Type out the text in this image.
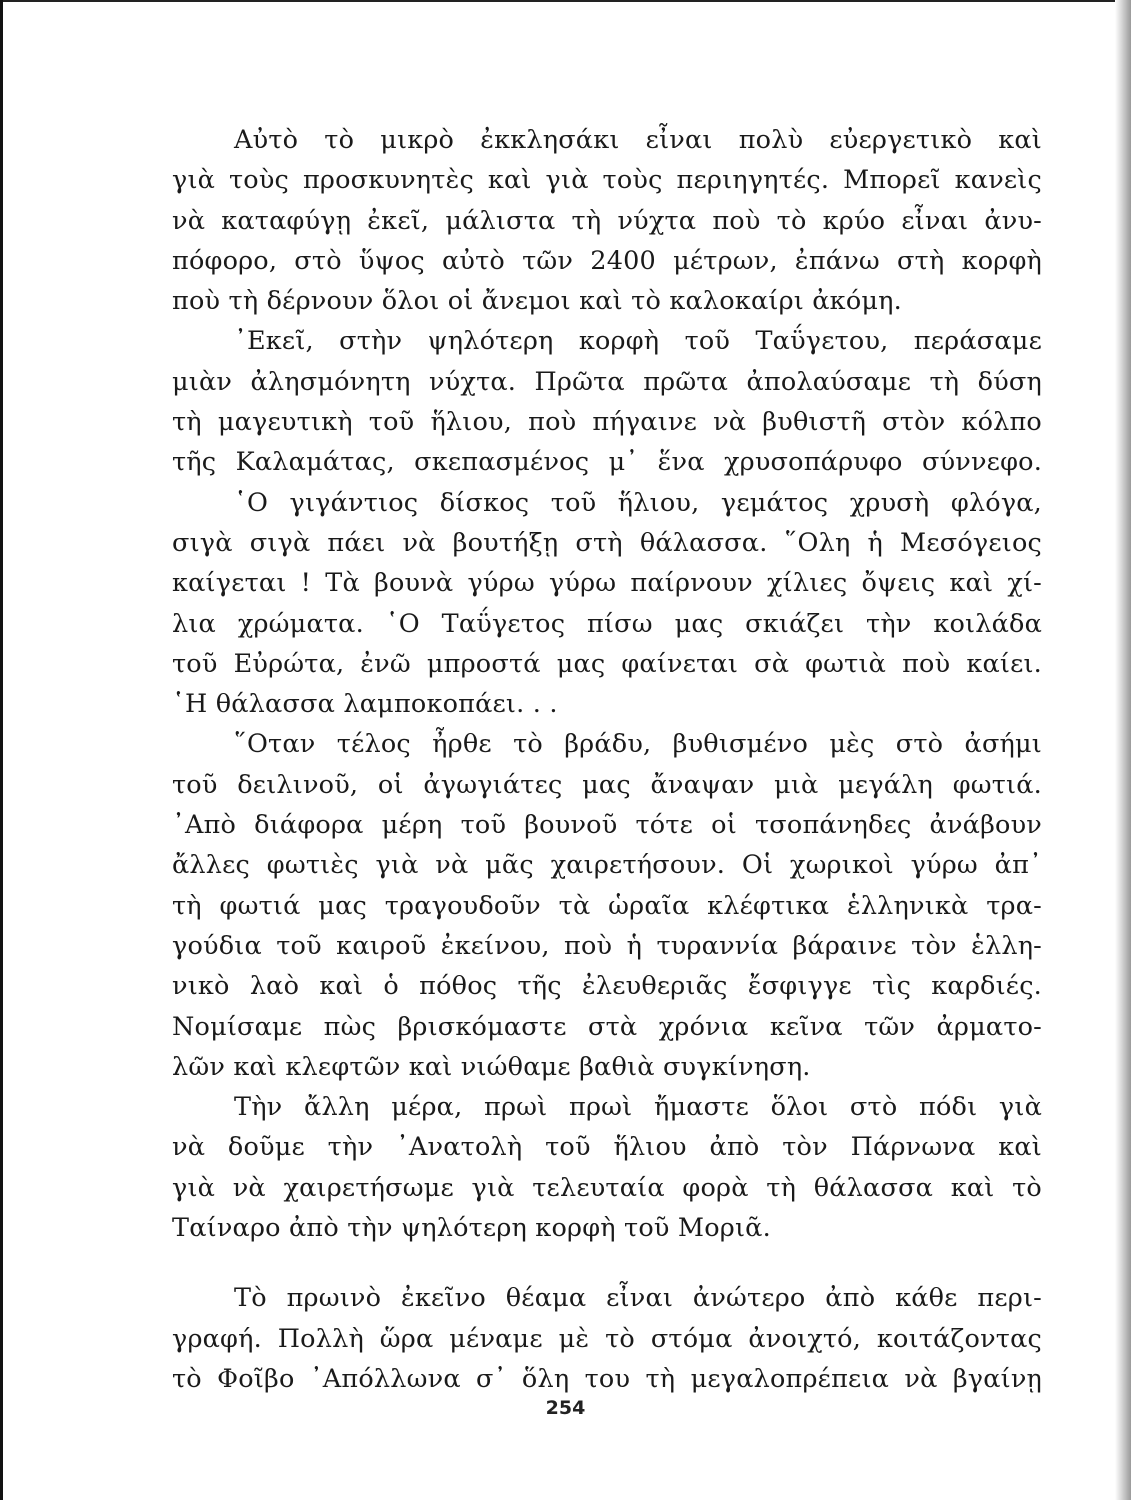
Αὐτὸ τὸ μικρὸ ἐκκλησάκι εἶναι πολὺ εὐεργετικὸ καὶ
γιὰ τοὺς προσκυνητὲς καὶ γιὰ τοὺς περιηγητές. Μπορεῖ κανεὶς
νὰ καταφύγῃ ἐκεῖ, μάλιστα τὴ νύχτα ποὺ τὸ κρύο εἶναι ἀνυ-
πόφορο, στὸ ὕψος αὐτὸ τῶν 2400 μέτρων, ἐπάνω στὴ κορφὴ
ποὺ τὴ δέρνουν ὅλοι οἱ ἄνεμοι καὶ τὸ καλοκαίρι ἀκόμη.
᾿Εκεῖ, στὴν ψηλότερη κορφὴ τοῦ Ταΰγετου, περάσαμε
μιὰν ἀλησμόνητη νύχτα. Πρῶτα πρῶτα ἀπολαύσαμε τὴ δύση
τὴ μαγευτικὴ τοῦ ἥλιου, ποὺ πήγαινε νὰ βυθιστῆ στὸν κόλπο
τῆς Καλαμάτας, σκεπασμένος μ᾿ ἕνα χρυσοπάρυφο σύννεφο.
῾Ο γιγάντιος δίσκος τοῦ ἥλιου, γεμάτος χρυσὴ φλόγα,
σιγὰ σιγὰ πάει νὰ βουτήξῃ στὴ θάλασσα. ῞Ολη ἡ Μεσόγειος
καίγεται ! Τὰ βουνὰ γύρω γύρω παίρνουν χίλιες ὄψεις καὶ χί-
λια χρώματα. ῾Ο Ταΰγετος πίσω μας σκιάζει τὴν κοιλάδα
τοῦ Εὐρώτα, ἐνῶ μπροστά μας φαίνεται σὰ φωτιὰ ποὺ καίει.
῾Η θάλασσα λαμποκοπάει. . .
῞Οταν τέλος ἦρθε τὸ βράδυ, βυθισμένο μὲς στὸ ἀσήμι
τοῦ δειλινοῦ, οἱ ἀγωγιάτες μας ἄναψαν μιὰ μεγάλη φωτιά.
᾿Απὸ διάφορα μέρη τοῦ βουνοῦ τότε οἱ τσοπάνηδες ἀνάβουν
ἄλλες φωτιὲς γιὰ νὰ μᾶς χαιρετήσουν. Οἱ χωρικοὶ γύρω ἀπ᾿
τὴ φωτιά μας τραγουδοῦν τὰ ὡραῖα κλέφτικα ἑλληνικὰ τρα-
γούδια τοῦ καιροῦ ἐκείνου, ποὺ ἡ τυραννία βάραινε τὸν ἑλλη-
νικὸ λαὸ καὶ ὁ πόθος τῆς ἐλευθεριᾶς ἔσφιγγε τὶς καρδιές.
Νομίσαμε πὼς βρισκόμαστε στὰ χρόνια κεῖνα τῶν ἀρματο-
λῶν καὶ κλεφτῶν καὶ νιώθαμε βαθιὰ συγκίνηση.
Τὴν ἄλλη μέρα, πρωὶ πρωὶ ἤμαστε ὅλοι στὸ πόδι γιὰ
νὰ δοῦμε τὴν ᾿Ανατολὴ τοῦ ἥλιου ἀπὸ τὸν Πάρνωνα καὶ
γιὰ νὰ χαιρετήσωμε γιὰ τελευταία φορὰ τὴ θάλασσα καὶ τὸ
Ταίναρο ἀπὸ τὴν ψηλότερη κορφὴ τοῦ Μοριᾶ.
Τὸ πρωινὸ ἐκεῖνο θέαμα εἶναι ἀνώτερο ἀπὸ κάθε περι-
γραφή. Πολλὴ ὥρα μέναμε μὲ τὸ στόμα ἀνοιχτό, κοιτάζοντας
τὸ Φοῖβο ᾿Απόλλωνα σ᾿ ὅλη του τὴ μεγαλοπρέπεια νὰ βγαίνῃ
254
